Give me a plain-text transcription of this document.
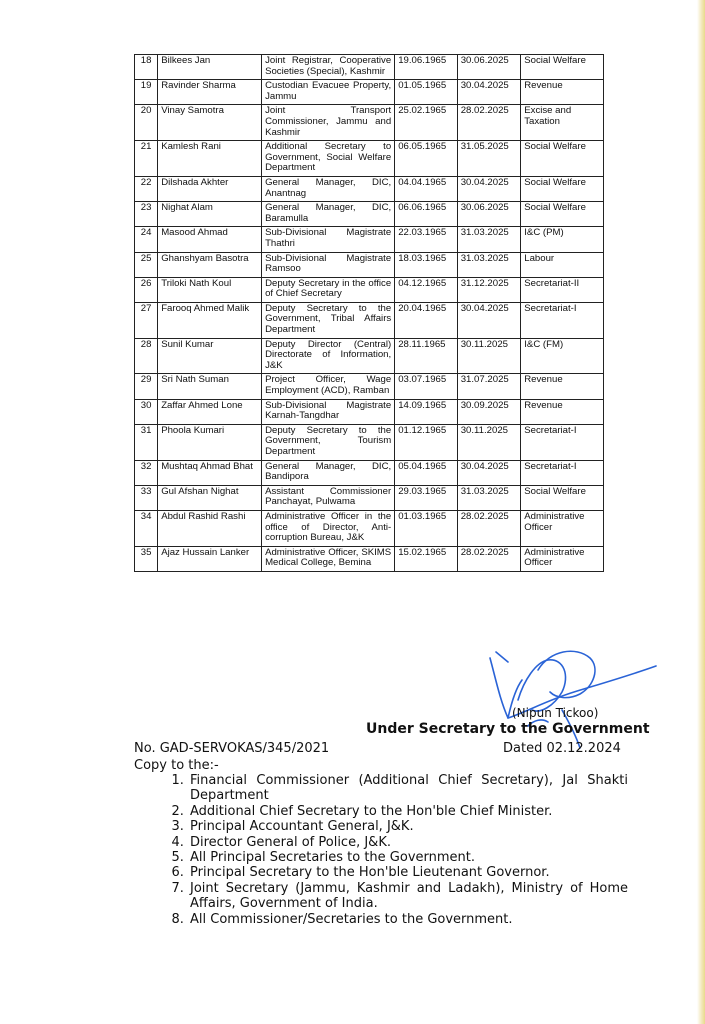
18	Bilkees Jan	Joint Registrar, Cooperative Societies (Special), Kashmir	19.06.1965	30.06.2025	Social Welfare
19	Ravinder Sharma	Custodian Evacuee Property, Jammu	01.05.1965	30.04.2025	Revenue
20	Vinay Samotra	Joint Transport Commissioner, Jammu and Kashmir	25.02.1965	28.02.2025	Excise and Taxation
21	Kamlesh Rani	Additional Secretary to Government, Social Welfare Department	06.05.1965	31.05.2025	Social Welfare
22	Dilshada Akhter	General Manager, DIC, Anantnag	04.04.1965	30.04.2025	Social Welfare
23	Nighat Alam	General Manager, DIC, Baramulla	06.06.1965	30.06.2025	Social Welfare
24	Masood Ahmad	Sub-Divisional Magistrate Thathri	22.03.1965	31.03.2025	I&C (PM)
25	Ghanshyam Basotra	Sub-Divisional Magistrate Ramsoo	18.03.1965	31.03.2025	Labour
26	Triloki Nath Koul	Deputy Secretary in the office of Chief Secretary	04.12.1965	31.12.2025	Secretariat-II
27	Farooq Ahmed Malik	Deputy Secretary to the Government, Tribal Affairs Department	20.04.1965	30.04.2025	Secretariat-I
28	Sunil Kumar	Deputy Director (Central) Directorate of Information, J&K	28.11.1965	30.11.2025	I&C (FM)
29	Sri Nath Suman	Project Officer, Wage Employment (ACD), Ramban	03.07.1965	31.07.2025	Revenue
30	Zaffar Ahmed Lone	Sub-Divisional Magistrate Karnah-Tangdhar	14.09.1965	30.09.2025	Revenue
31	Phoola Kumari	Deputy Secretary to the Government, Tourism Department	01.12.1965	30.11.2025	Secretariat-I
32	Mushtaq Ahmad Bhat	General Manager, DIC, Bandipora	05.04.1965	30.04.2025	Secretariat-I
33	Gul Afshan Nighat	Assistant Commissioner Panchayat, Pulwama	29.03.1965	31.03.2025	Social Welfare
34	Abdul Rashid Rashi	Administrative Officer in the office of Director, Anti-corruption Bureau, J&K	01.03.1965	28.02.2025	Administrative Officer
35	Ajaz Hussain Lanker	Administrative Officer, SKIMS Medical College, Bemina	15.02.1965	28.02.2025	Administrative Officer
(Nipun Tickoo)
Under Secretary to the Government
No. GAD-SERVOKAS/345/2021	Dated 02.12.2024
Copy to the:-
1. Financial Commissioner (Additional Chief Secretary), Jal Shakti Department
2. Additional Chief Secretary to the Hon'ble Chief Minister.
3. Principal Accountant General, J&K.
4. Director General of Police, J&K.
5. All Principal Secretaries to the Government.
6. Principal Secretary to the Hon'ble Lieutenant Governor.
7. Joint Secretary (Jammu, Kashmir and Ladakh), Ministry of Home Affairs, Government of India.
8. All Commissioner/Secretaries to the Government.
